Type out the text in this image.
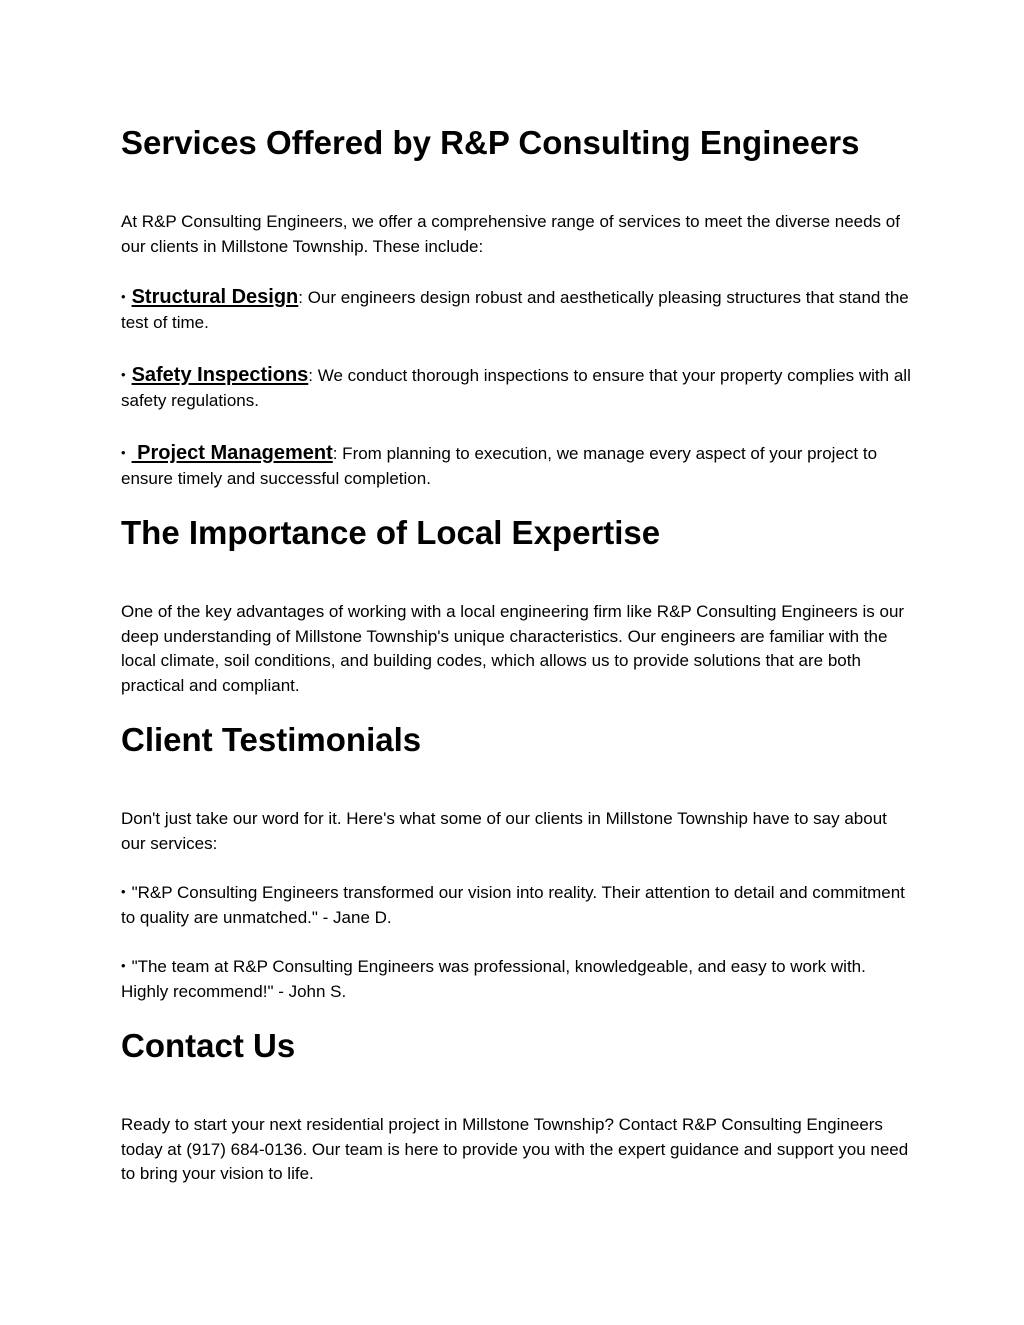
Services Offered by R&P Consulting Engineers

At R&P Consulting Engineers, we offer a comprehensive range of services to meet the diverse needs of our clients in Millstone Township. These include:

• Structural Design: Our engineers design robust and aesthetically pleasing structures that stand the test of time.

• Safety Inspections: We conduct thorough inspections to ensure that your property complies with all safety regulations.

• Project Management: From planning to execution, we manage every aspect of your project to ensure timely and successful completion.

The Importance of Local Expertise

One of the key advantages of working with a local engineering firm like R&P Consulting Engineers is our deep understanding of Millstone Township's unique characteristics. Our engineers are familiar with the local climate, soil conditions, and building codes, which allows us to provide solutions that are both practical and compliant.

Client Testimonials

Don't just take our word for it. Here's what some of our clients in Millstone Township have to say about our services:

• "R&P Consulting Engineers transformed our vision into reality. Their attention to detail and commitment to quality are unmatched." - Jane D.

• "The team at R&P Consulting Engineers was professional, knowledgeable, and easy to work with. Highly recommend!" - John S.

Contact Us

Ready to start your next residential project in Millstone Township? Contact R&P Consulting Engineers today at (917) 684-0136. Our team is here to provide you with the expert guidance and support you need to bring your vision to life.
